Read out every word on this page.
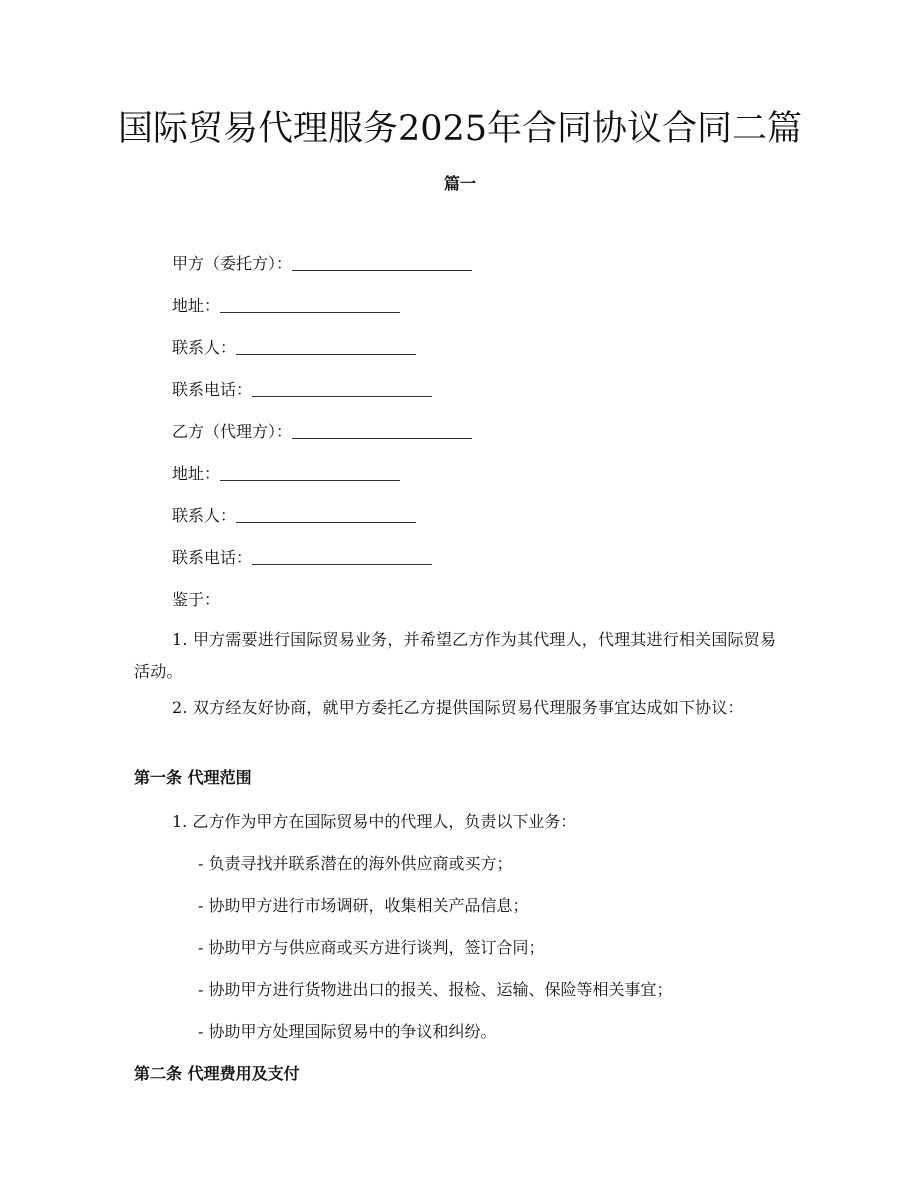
国际贸易代理服务2025年合同协议合同二篇
篇一
甲方（委托方）：
地址：
联系人：
联系电话：
乙方（代理方）：
地址：
联系人：
联系电话：
鉴于：
1. 甲方需要进行国际贸易业务，并希望乙方作为其代理人，代理其进行相关国际贸易活动。
2. 双方经友好协商，就甲方委托乙方提供国际贸易代理服务事宜达成如下协议：
第一条 代理范围
1. 乙方作为甲方在国际贸易中的代理人，负责以下业务：
- 负责寻找并联系潜在的海外供应商或买方；
- 协助甲方进行市场调研，收集相关产品信息；
- 协助甲方与供应商或买方进行谈判，签订合同；
- 协助甲方进行货物进出口的报关、报检、运输、保险等相关事宜；
- 协助甲方处理国际贸易中的争议和纠纷。
第二条 代理费用及支付
